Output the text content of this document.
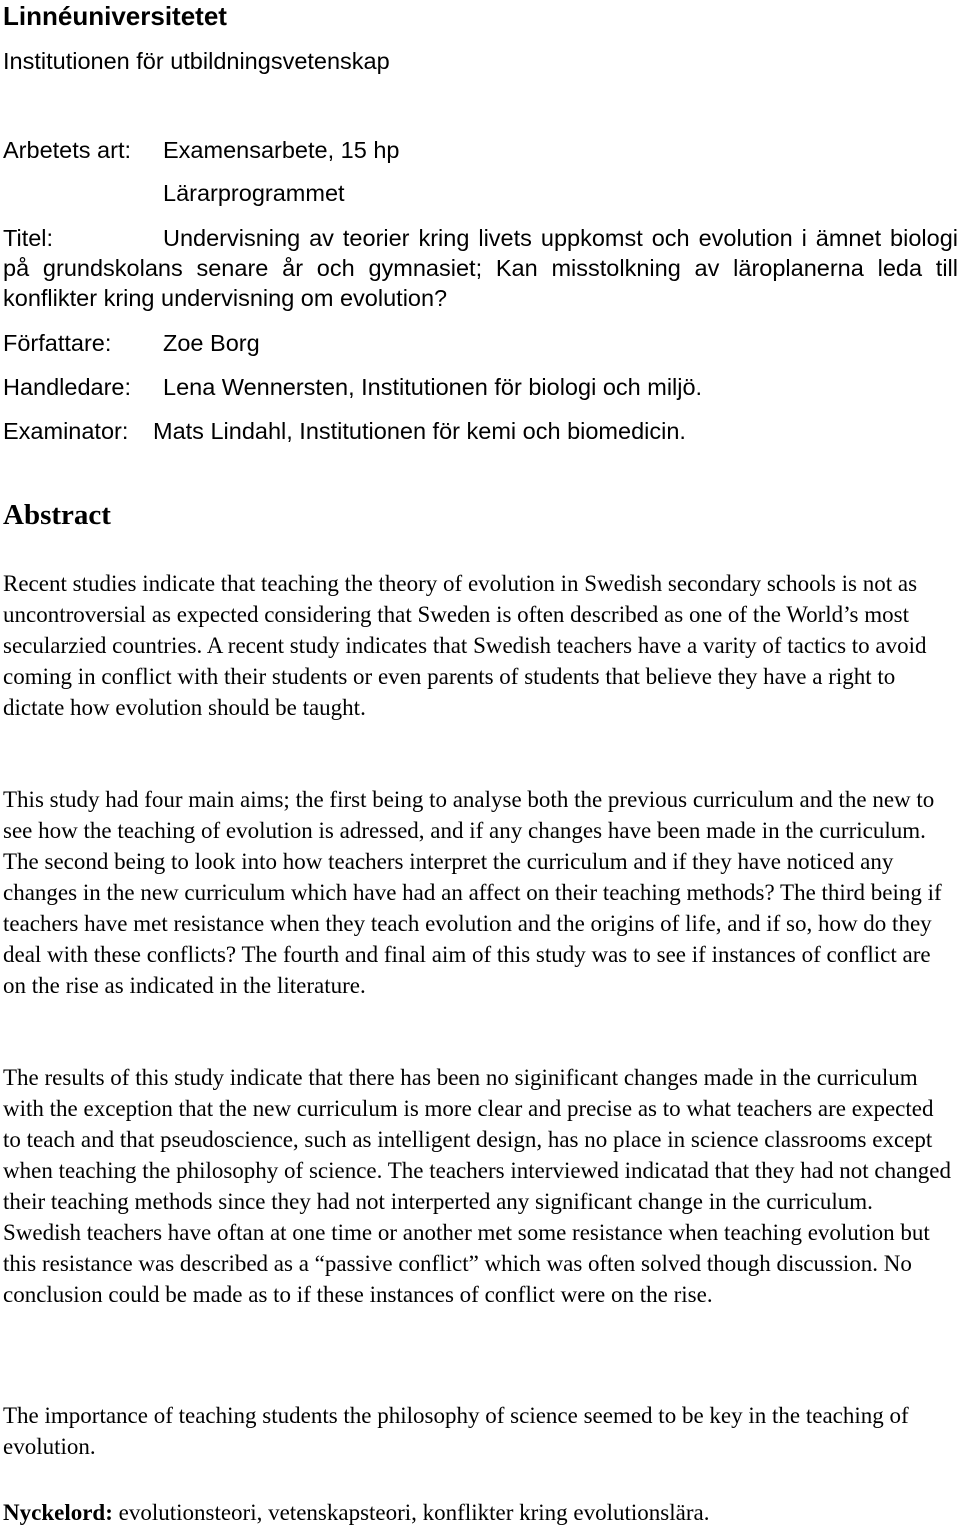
Linnéuniversitetet
Institutionen för utbildningsvetenskap
Arbetets art: Examensarbete, 15 hp
Lärarprogrammet
Titel:	Undervisning av teorier kring livets uppkomst och evolution i ämnet biologi på grundskolans senare år och gymnasiet; Kan misstolkning av läroplanerna leda till konflikter kring undervisning om evolution?
Författare: Zoe Borg
Handledare: Lena Wennersten, Institutionen för biologi och miljö.
Examinator: Mats Lindahl, Institutionen för kemi och biomedicin.
Abstract

Recent studies indicate that teaching the theory of evolution in Swedish secondary schools is not as uncontroversial as expected considering that Sweden is often described as one of the World’s most secularzied countries. A recent study indicates that Swedish teachers have a varity of tactics to avoid coming in conflict with their students or even parents of students that believe they have a right to dictate how evolution should be taught.

This study had four main aims; the first being to analyse both the previous curriculum and the new to see how the teaching of evolution is adressed, and if any changes have been made in the curriculum. The second being to look into how teachers interpret the curriculum and if they have noticed any changes in the new curriculum which have had an affect on their teaching methods? The third being if teachers have met resistance when they teach evolution and the origins of life, and if so, how do they deal with these conflicts? The fourth and final aim of this study was to see if instances of conflict are on the rise as indicated in the literature.

The results of this study indicate that there has been no siginificant changes made in the curriculum with the exception that the new curriculum is more clear and precise as to what teachers are expected to teach and that pseudoscience, such as intelligent design, has no place in science classrooms except when teaching the philosophy of science. The teachers interviewed indicatad that they had not changed their teaching methods since they had not interperted any significant change in the curriculum. Swedish teachers have oftan at one time or another met some resistance when teaching evolution but this resistance was described as a “passive conflict” which was often solved though discussion. No conclusion could be made as to if these instances of conflict were on the rise.

The importance of teaching students the philosophy of science seemed to be key in the teaching of evolution.

Nyckelord: evolutionsteori, vetenskapsteori, konflikter kring evolutionslära.
